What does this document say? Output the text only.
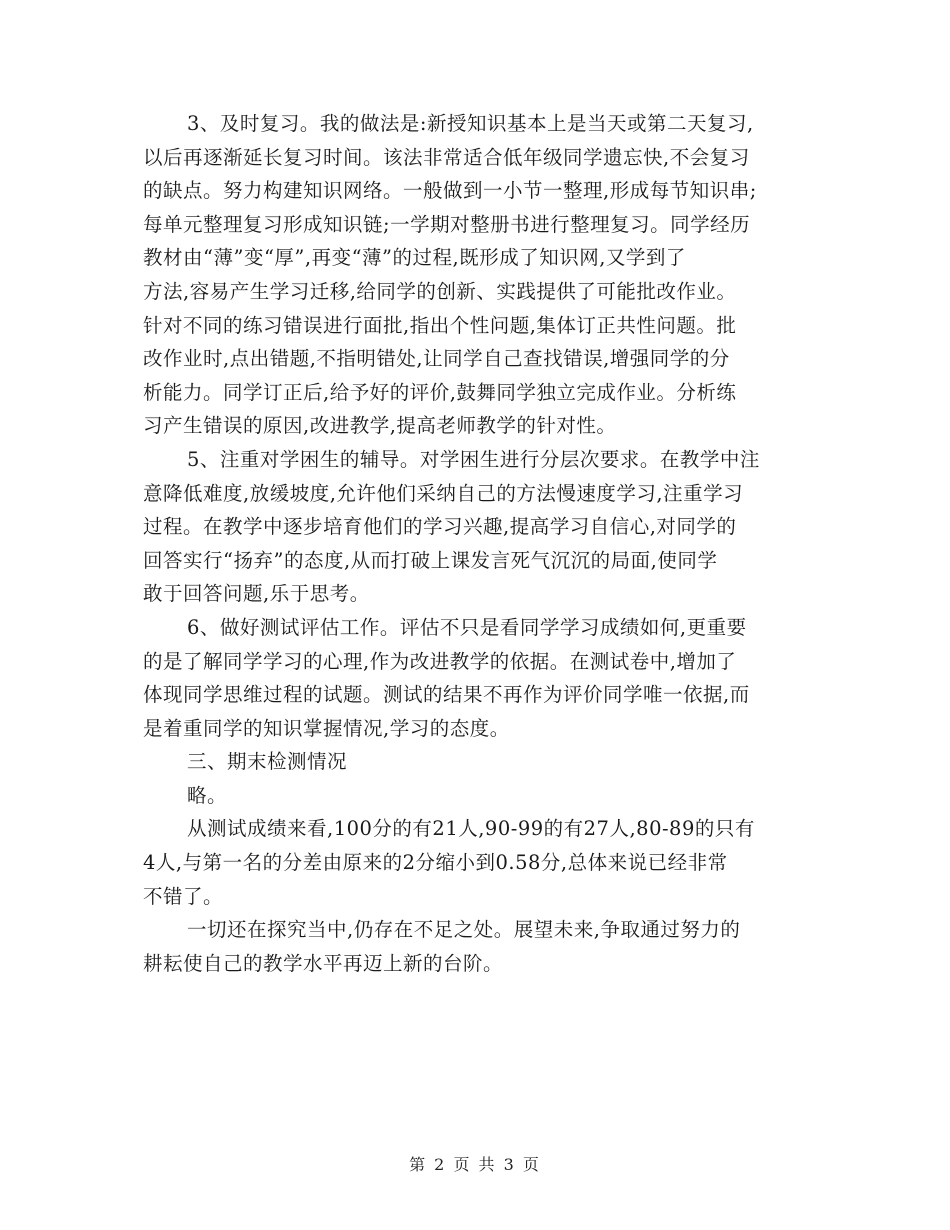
3、及时复习。我的做法是:新授知识基本上是当天或第二天复习,
以后再逐渐延长复习时间。该法非常适合低年级同学遗忘快,不会复习
的缺点。努力构建知识网络。一般做到一小节一整理,形成每节知识串;
每单元整理复习形成知识链;一学期对整册书进行整理复习。同学经历
教材由“薄”变“厚”,再变“薄”的过程,既形成了知识网,又学到了
方法,容易产生学习迁移,给同学的创新、实践提供了可能批改作业。
针对不同的练习错误进行面批,指出个性问题,集体订正共性问题。批
改作业时,点出错题,不指明错处,让同学自己查找错误,增强同学的分
析能力。同学订正后,给予好的评价,鼓舞同学独立完成作业。分析练
习产生错误的原因,改进教学,提高老师教学的针对性。
5、注重对学困生的辅导。对学困生进行分层次要求。在教学中注
意降低难度,放缓坡度,允许他们采纳自己的方法慢速度学习,注重学习
过程。在教学中逐步培育他们的学习兴趣,提高学习自信心,对同学的
回答实行“扬弃”的态度,从而打破上课发言死气沉沉的局面,使同学
敢于回答问题,乐于思考。
6、做好测试评估工作。评估不只是看同学学习成绩如何,更重要
的是了解同学学习的心理,作为改进教学的依据。在测试卷中,增加了
体现同学思维过程的试题。测试的结果不再作为评价同学唯一依据,而
是着重同学的知识掌握情况,学习的态度。
三、期末检测情况
略。
从测试成绩来看,100分的有21人,90-99的有27人,80-89的只有
4人,与第一名的分差由原来的2分缩小到0.58分,总体来说已经非常
不错了。
一切还在探究当中,仍存在不足之处。展望未来,争取通过努力的
耕耘使自己的教学水平再迈上新的台阶。
第 2 页 共 3 页
